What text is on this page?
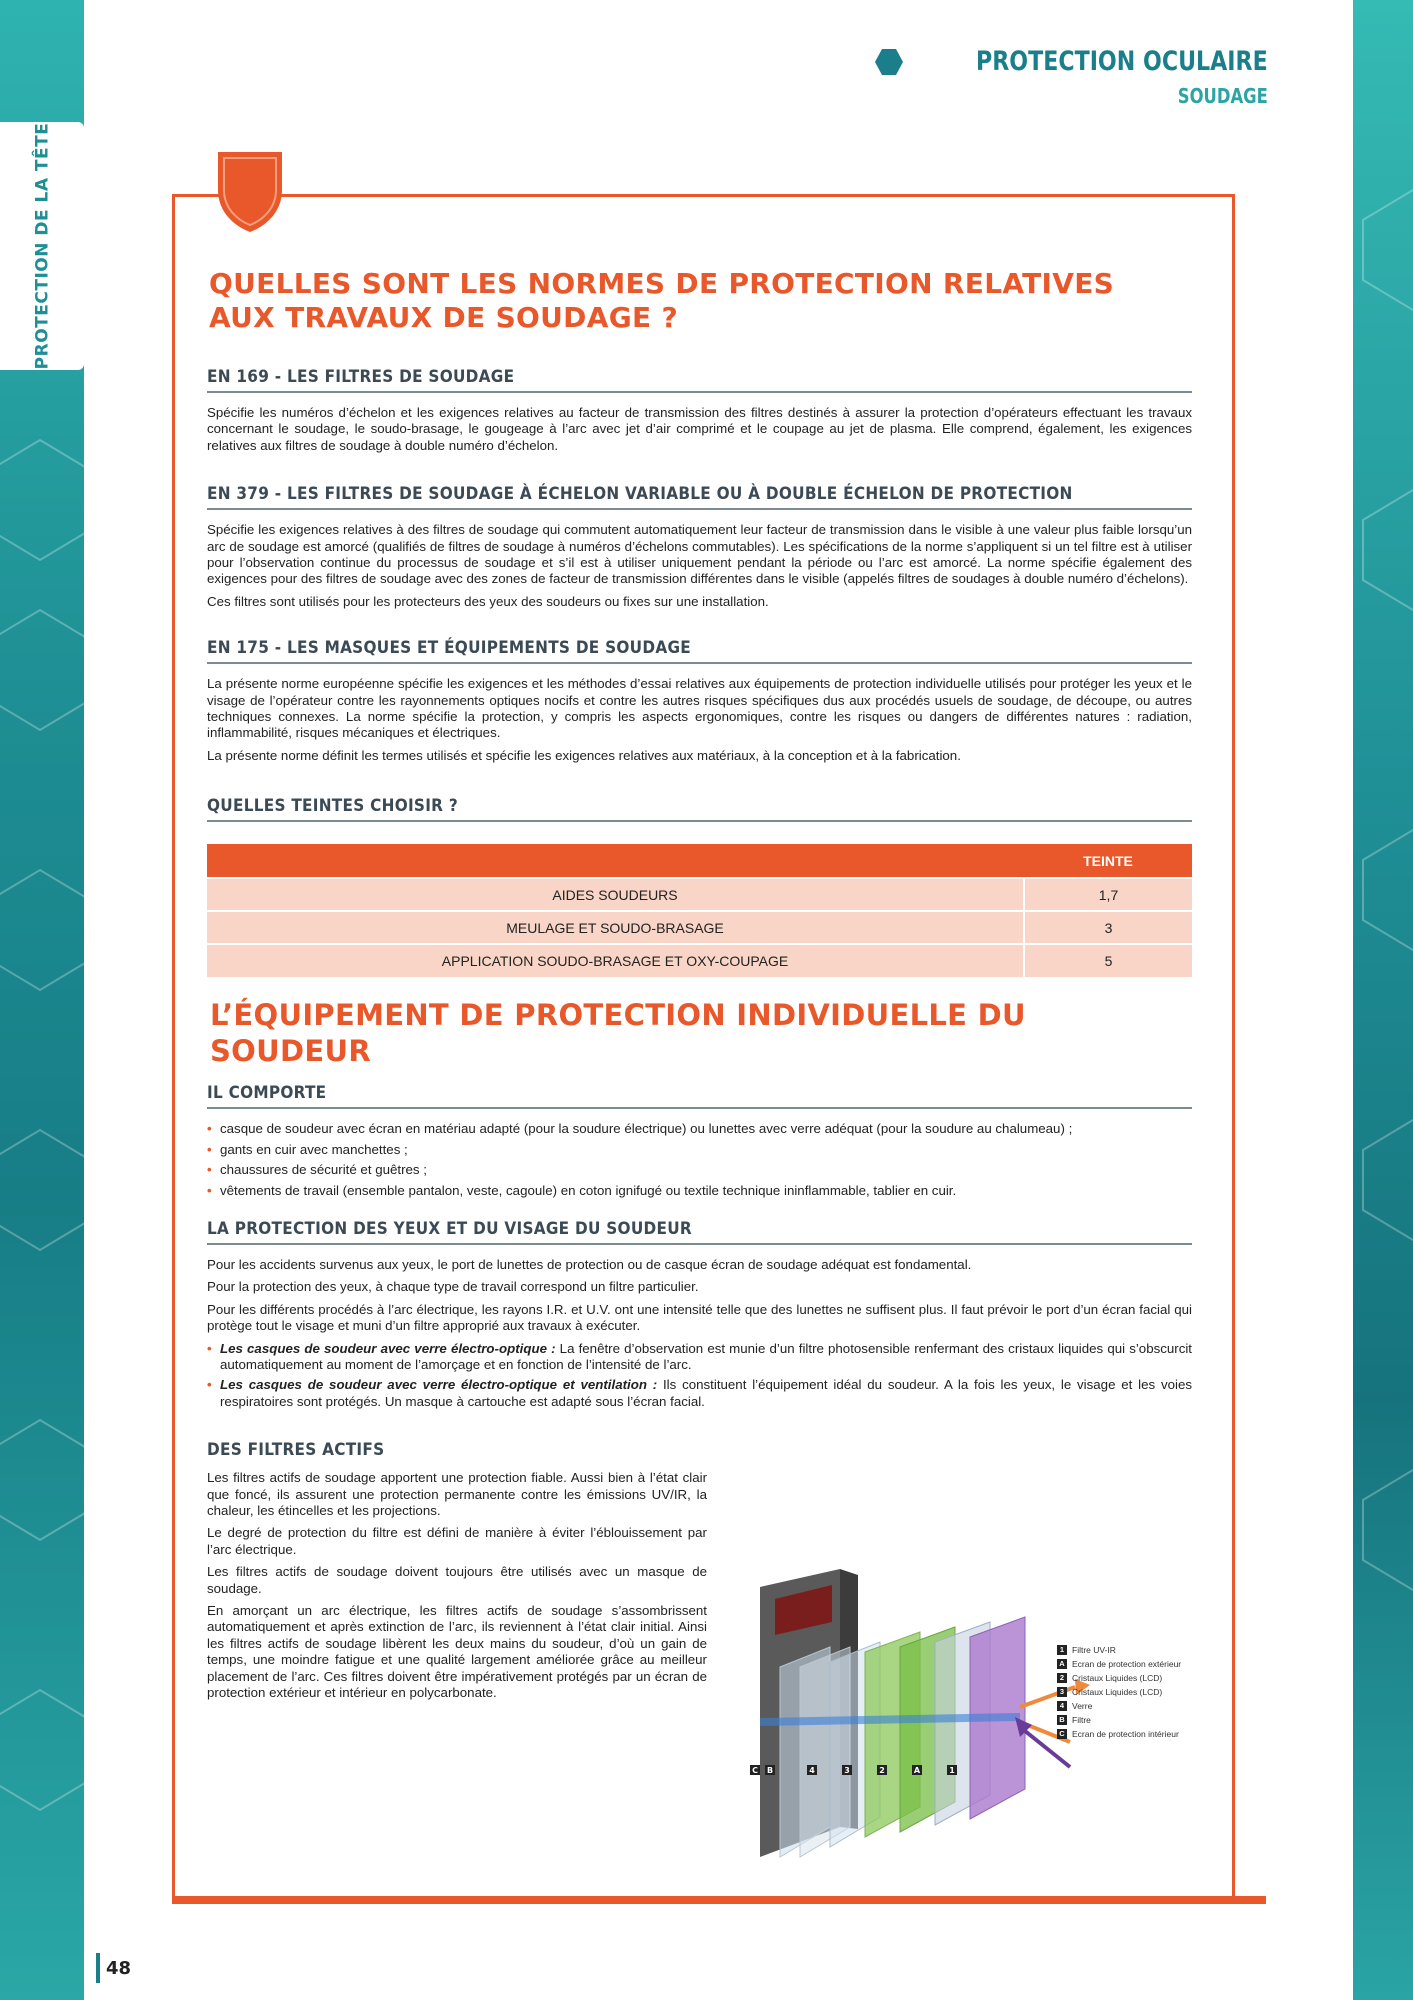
PROTECTION DE LA TÊTE
PROTECTION OCULAIRE
SOUDAGE
QUELLES SONT LES NORMES DE PROTECTION RELATIVES
AUX TRAVAUX DE SOUDAGE ?
EN 169 - LES FILTRES DE SOUDAGE

Spécifie les numéros d’échelon et les exigences relatives au facteur de transmission des filtres destinés à assurer la protection d’opérateurs effectuant les travaux concernant le soudage, le soudo-brasage, le gougeage à l’arc avec jet d’air comprimé et le coupage au jet de plasma. Elle comprend, également, les exigences relatives aux filtres de soudage à double numéro d’échelon.

EN 379 - LES FILTRES DE SOUDAGE À ÉCHELON VARIABLE OU À DOUBLE ÉCHELON DE PROTECTION

Spécifie les exigences relatives à des filtres de soudage qui commutent automatiquement leur facteur de transmission dans le visible à une valeur plus faible lorsqu’un arc de soudage est amorcé (qualifiés de filtres de soudage à numéros d’échelons commutables). Les spécifications de la norme s’appliquent si un tel filtre est à utiliser pour l’observation continue du processus de soudage et s’il est à utiliser uniquement pendant la période ou l’arc est amorcé. La norme spécifie également des exigences pour des filtres de soudage avec des zones de facteur de transmission différentes dans le visible (appelés filtres de soudages à double numéro d’échelons).

Ces filtres sont utilisés pour les protecteurs des yeux des soudeurs ou fixes sur une installation.

EN 175 - LES MASQUES ET ÉQUIPEMENTS DE SOUDAGE

La présente norme européenne spécifie les exigences et les méthodes d’essai relatives aux équipements de protection individuelle utilisés pour protéger les yeux et le visage de l’opérateur contre les rayonnements optiques nocifs et contre les autres risques spécifiques dus aux procédés usuels de soudage, de découpe, ou autres techniques connexes. La norme spécifie la protection, y compris les aspects ergonomiques, contre les risques ou dangers de différentes natures : radiation, inflammabilité, risques mécaniques et électriques.

La présente norme définit les termes utilisés et spécifie les exigences relatives aux matériaux, à la conception et à la fabrication.

QUELLES TEINTES CHOISIR ?
	TEINTE
AIDES SOUDEURS	1,7
MEULAGE ET SOUDO-BRASAGE	3
APPLICATION SOUDO-BRASAGE ET OXY-COUPAGE	5
L’ÉQUIPEMENT DE PROTECTION INDIVIDUELLE DU SOUDEUR
IL COMPORTE
• casque de soudeur avec écran en matériau adapté (pour la soudure électrique) ou lunettes avec verre adéquat (pour la soudure au chalumeau) ;
• gants en cuir avec manchettes ;
• chaussures de sécurité et guêtres ;
• vêtements de travail (ensemble pantalon, veste, cagoule) en coton ignifugé ou textile technique ininflammable, tablier en cuir.
LA PROTECTION DES YEUX ET DU VISAGE DU SOUDEUR

Pour les accidents survenus aux yeux, le port de lunettes de protection ou de casque écran de soudage adéquat est fondamental.

Pour la protection des yeux, à chaque type de travail correspond un filtre particulier.

Pour les différents procédés à l’arc électrique, les rayons I.R. et U.V. ont une intensité telle que des lunettes ne suffisent plus. Il faut prévoir le port d’un écran facial qui protège tout le visage et muni d’un filtre approprié aux travaux à exécuter.

• Les casques de soudeur avec verre électro-optique : La fenêtre d’observation est munie d’un filtre photosensible renfermant des cristaux liquides qui s’obscurcit automatiquement au moment de l’amorçage et en fonction de l’intensité de l’arc.
• Les casques de soudeur avec verre électro-optique et ventilation : Ils constituent l’équipement idéal du soudeur. A la fois les yeux, le visage et les voies respiratoires sont protégés. Un masque à cartouche est adapté sous l’écran facial.
DES FILTRES ACTIFS

Les filtres actifs de soudage apportent une protection fiable. Aussi bien à l’état clair que foncé, ils assurent une protection permanente contre les émissions UV/IR, la chaleur, les étincelles et les projections.

Le degré de protection du filtre est défini de manière à éviter l’éblouissement par l’arc électrique.

Les filtres actifs de soudage doivent toujours être utilisés avec un masque de soudage.

En amorçant un arc électrique, les filtres actifs de soudage s’assombrissent automatiquement et après extinction de l’arc, ils reviennent à l’état clair initial. Ainsi les filtres actifs de soudage libèrent les deux mains du soudeur, d’où un gain de temps, une moindre fatigue et une qualité largement améliorée grâce au meilleur placement de l’arc. Ces filtres doivent être impérativement protégés par un écran de protection extérieur et intérieur en polycarbonate.

C B	4	3	2	A	1
1 Filtre UV-IR
A Ecran de protection extérieur
2 Cristaux Liquides (LCD)
3 Cristaux Liquides (LCD)
4 Verre
B Filtre
C Ecran de protection intérieur
48
